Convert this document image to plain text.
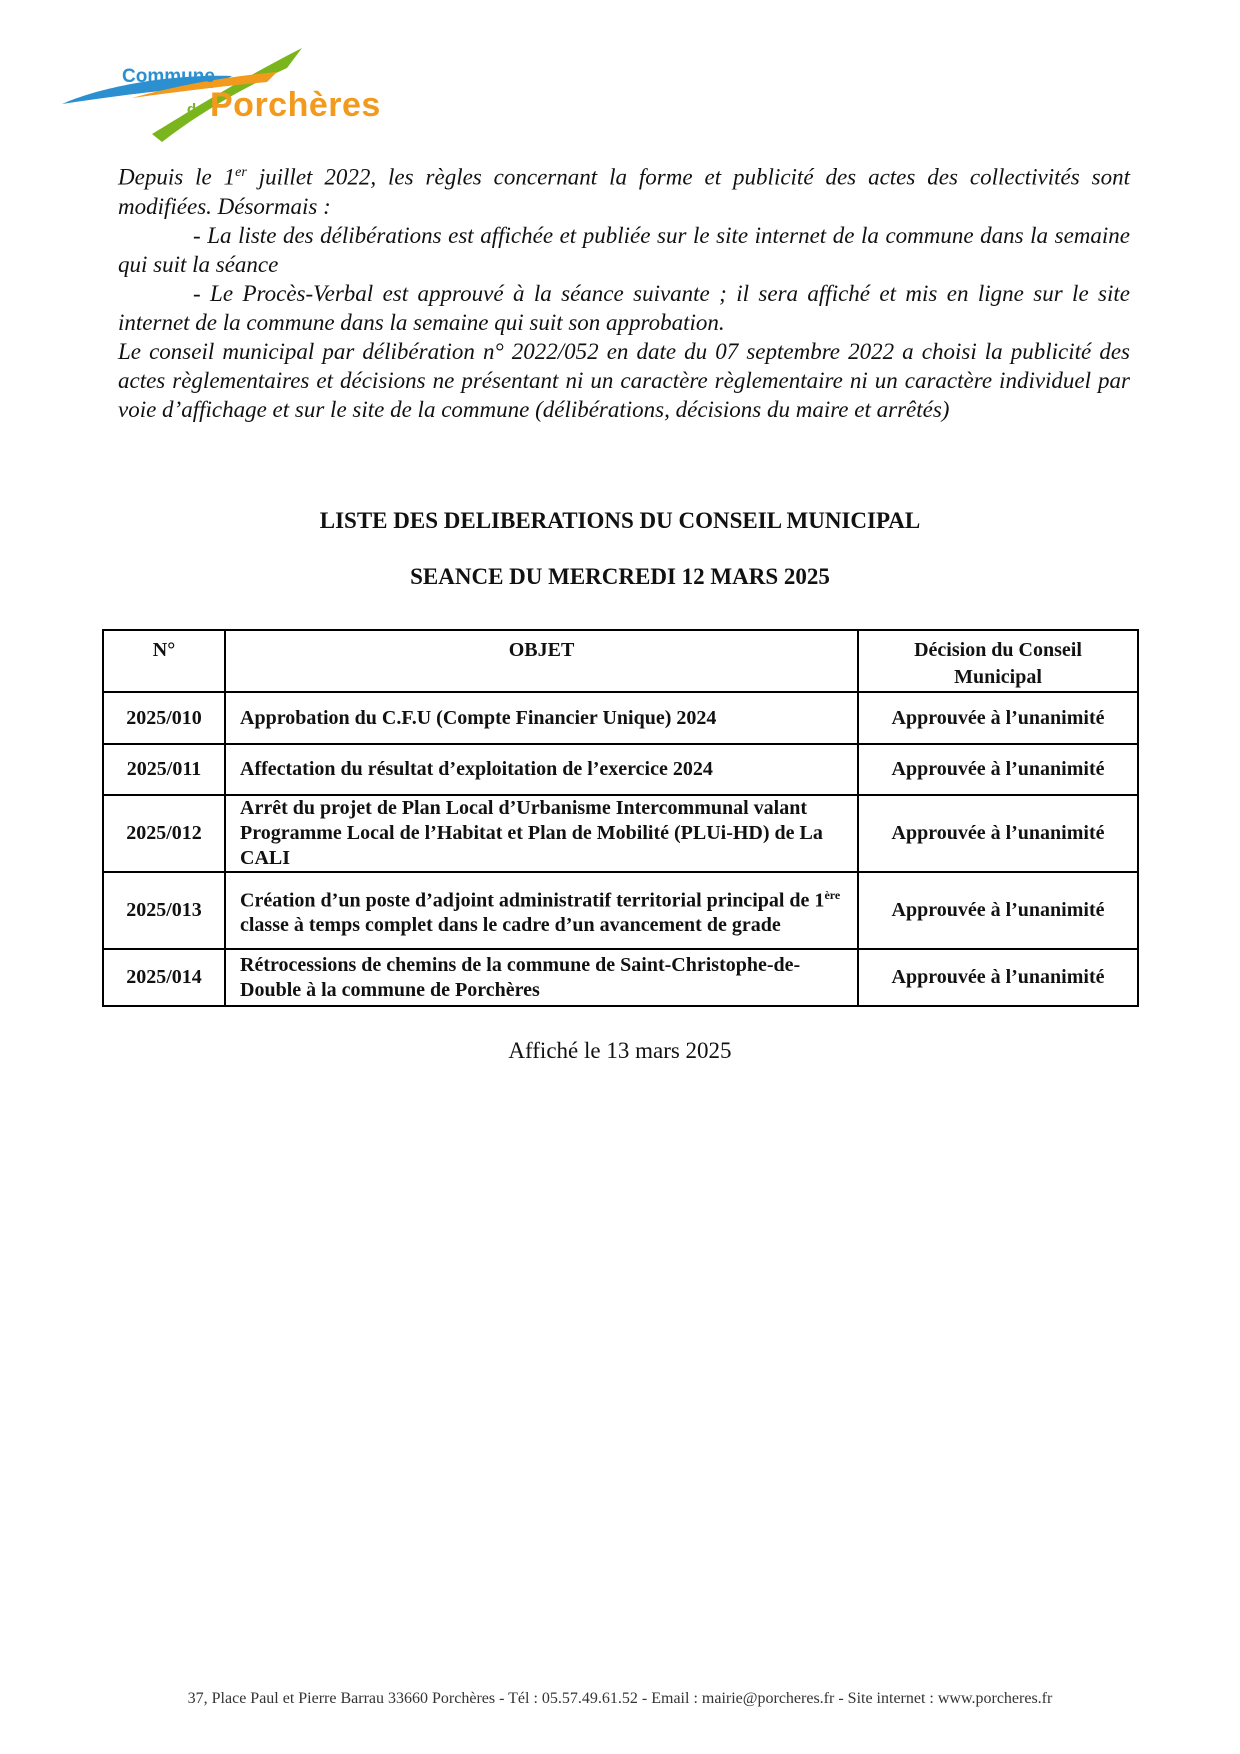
Commune
de Porchères

Depuis le 1er juillet 2022, les règles concernant la forme et publicité des actes des collectivités sont modifiées. Désormais :

- La liste des délibérations est affichée et publiée sur le site internet de la commune dans la semaine qui suit la séance

- Le Procès-Verbal est approuvé à la séance suivante ; il sera affiché et mis en ligne sur le site internet de la commune dans la semaine qui suit son approbation.

Le conseil municipal par délibération n° 2022/052 en date du 07 septembre 2022 a choisi la publicité des actes règlementaires et décisions ne présentant ni un caractère règlementaire ni un caractère individuel par voie d’affichage et sur le site de la commune (délibérations, décisions du maire et arrêtés)

LISTE DES DELIBERATIONS DU CONSEIL MUNICIPAL
SEANCE DU MERCREDI 12 MARS 2025
N°	OBJET	Décision du Conseil Municipal
2025/010	Approbation du C.F.U (Compte Financier Unique) 2024	Approuvée à l’unanimité
2025/011	Affectation du résultat d’exploitation de l’exercice 2024	Approuvée à l’unanimité
2025/012	Arrêt du projet de Plan Local d’Urbanisme Intercommunal valant Programme Local de l’Habitat et Plan de Mobilité (PLUi-HD) de La CALI	Approuvée à l’unanimité
2025/013	Création d’un poste d’adjoint administratif territorial principal de 1ère classe à temps complet dans le cadre d’un avancement de grade	Approuvée à l’unanimité
2025/014	Rétrocessions de chemins de la commune de Saint-Christophe-de-Double à la commune de Porchères	Approuvée à l’unanimité
Affiché le 13 mars 2025
37, Place Paul et Pierre Barrau 33660 Porchères - Tél : 05.57.49.61.52 - Email : mairie@porcheres.fr - Site internet : www.porcheres.fr
